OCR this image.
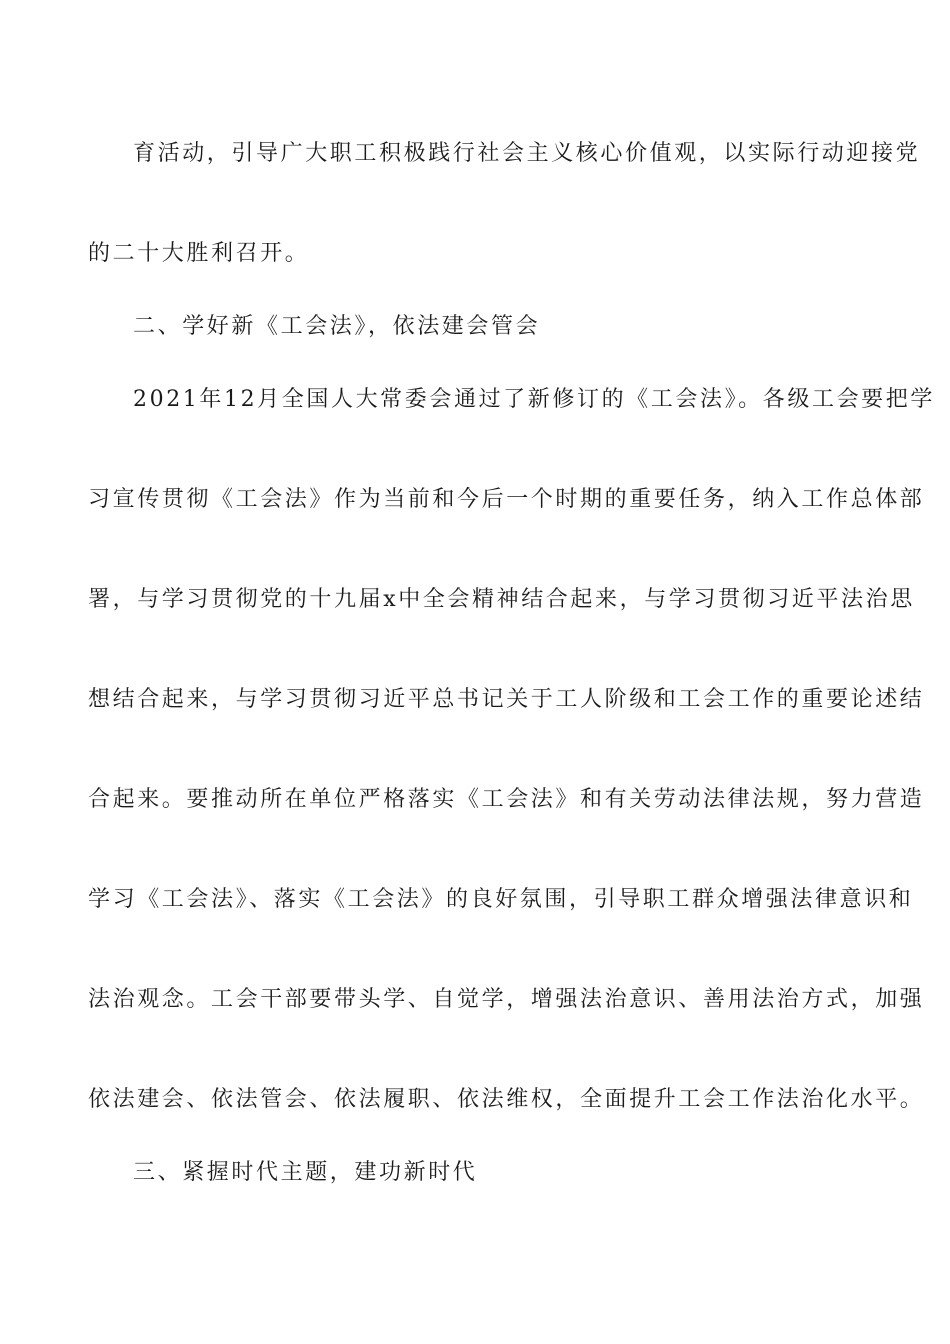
育活动，引导广大职工积极践行社会主义核心价值观，以实际行动迎接党
的二十大胜利召开。
二、学好新《工会法》，依法建会管会
2021年12月全国人大常委会通过了新修订的《工会法》。各级工会要把学
习宣传贯彻《工会法》作为当前和今后一个时期的重要任务，纳入工作总体部
署，与学习贯彻党的十九届x中全会精神结合起来，与学习贯彻习近平法治思
想结合起来，与学习贯彻习近平总书记关于工人阶级和工会工作的重要论述结
合起来。要推动所在单位严格落实《工会法》和有关劳动法律法规，努力营造
学习《工会法》、落实《工会法》的良好氛围，引导职工群众增强法律意识和
法治观念。工会干部要带头学、自觉学，增强法治意识、善用法治方式，加强
依法建会、依法管会、依法履职、依法维权，全面提升工会工作法治化水平。
三、紧握时代主题，建功新时代
